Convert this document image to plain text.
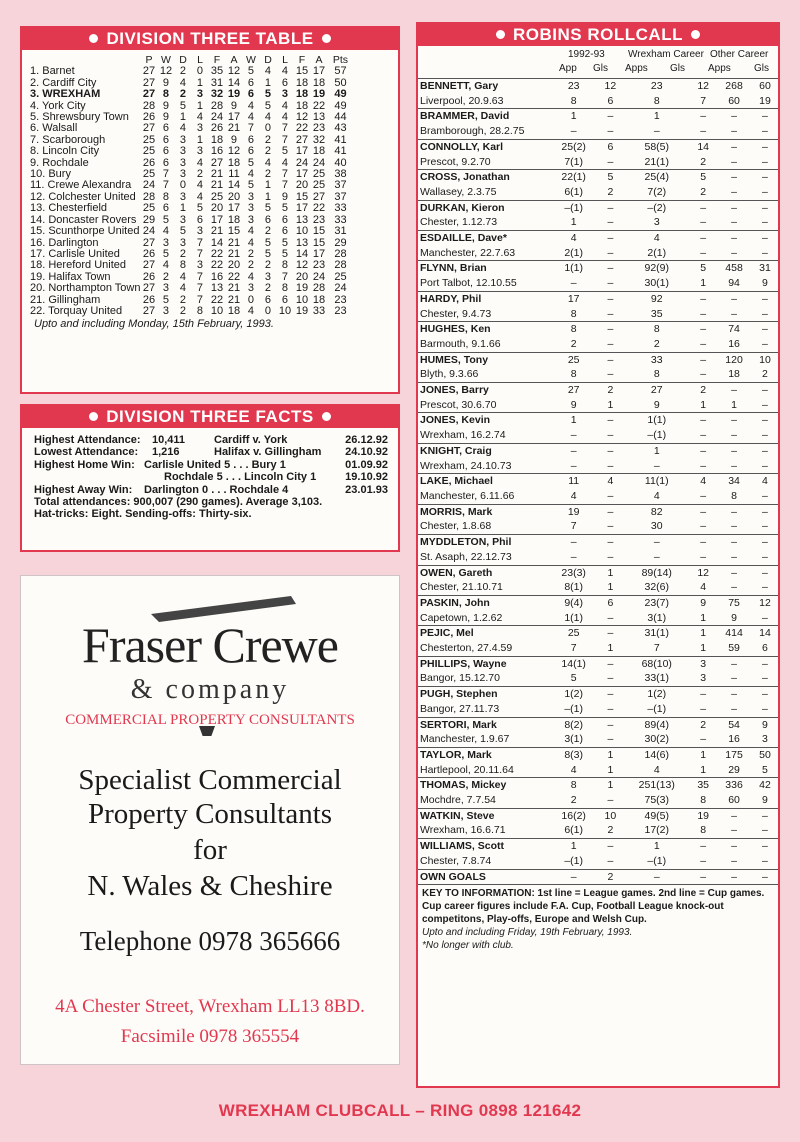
DIVISION THREE TABLE
	P	W	D	L	F	A	W	D	L	F	A	Pts
1. Barnet	27	12	2	0	35	12	5	4	4	15	17	57
2. Cardiff City	27	9	4	1	31	14	6	1	6	18	18	50
3. WREXHAM	27	8	2	3	32	19	6	5	3	18	19	49
4. York City	28	9	5	1	28	9	4	5	4	18	22	49
5. Shrewsbury Town	26	9	1	4	24	17	4	4	4	12	13	44
6. Walsall	27	6	4	3	26	21	7	0	7	22	23	43
7. Scarborough	25	6	3	1	18	9	6	2	7	27	32	41
8. Lincoln City	25	6	3	3	16	12	6	2	5	17	18	41
9. Rochdale	26	6	3	4	27	18	5	4	4	24	24	40
10. Bury	25	7	3	2	21	11	4	2	7	17	25	38
11. Crewe Alexandra	24	7	0	4	21	14	5	1	7	20	25	37
12. Colchester United	28	8	3	4	25	20	3	1	9	15	27	37
13. Chesterfield	25	6	1	5	20	17	3	5	5	17	22	33
14. Doncaster Rovers	29	5	3	6	17	18	3	6	6	13	23	33
15. Scunthorpe United	24	4	5	3	21	15	4	2	6	10	15	31
16. Darlington	27	3	3	7	14	21	4	5	5	13	15	29
17. Carlisle United	26	5	2	7	22	21	2	5	5	14	17	28
18. Hereford United	27	4	8	3	22	20	2	2	8	12	23	28
19. Halifax Town	26	2	4	7	16	22	4	3	7	20	24	25
20. Northampton Town	27	3	4	7	13	21	3	2	8	19	28	24
21. Gillingham	26	5	2	7	22	21	0	6	6	10	18	23
22. Torquay United	27	3	2	8	10	18	4	0	10	19	33	23
Upto and including Monday, 15th February, 1993.
DIVISION THREE FACTS
Highest Attendance: 10,411	Cardiff v. York	26.12.92
Lowest Attendance: 1,216	Halifax v. Gillingham 24.10.92
Highest Home Win: Carlisle United 5 . . . Bury 1	01.09.92
Rochdale 5 . . . Lincoln City 1	19.10.92
Highest Away Win: Darlington 0 . . . Rochdale 4	23.01.93
Total attendances: 900,007 (290 games). Average 3,103.
Hat-tricks: Eight. Sending-offs: Thirty-six.
Fraser Crewe
& company
COMMERCIAL PROPERTY CONSULTANTS
Specialist Commercial
Property Consultants
for
N. Wales & Cheshire
Telephone 0978 365666
4A Chester Street, Wrexham LL13 8BD.
Facsimile 0978 365554
ROBINS ROLLCALL
1992-93 Wrexham Career Other Career
App Gls Apps Gls Apps Gls
BENNETT, Gary	23	12	23	12	268	60
Liverpool, 20.9.63	8	6	8	7	60	19
BRAMMER, David	1	–	1	–	–	–
Bramborough, 28.2.75	–	–	–	–	–	–
CONNOLLY, Karl	25(2)	6	58(5)	14	–	–
Prescot, 9.2.70	7(1)	–	21(1)	2	–	–
CROSS, Jonathan	22(1)	5	25(4)	5	–	–
Wallasey, 2.3.75	6(1)	2	7(2)	2	–	–
DURKAN, Kieron	–(1)	–	–(2)	–	–	–
Chester, 1.12.73	1	–	3	–	–	–
ESDAILLE, Dave*	4	–	4	–	–	–
Manchester, 22.7.63	2(1)	–	2(1)	–	–	–
FLYNN, Brian	1(1)	–	92(9)	5	458	31
Port Talbot, 12.10.55	–	–	30(1)	1	94	9
HARDY, Phil	17	–	92	–	–	–
Chester, 9.4.73	8	–	35	–	–	–
HUGHES, Ken	8	–	8	–	74	–
Barmouth, 9.1.66	2	–	2	–	16	–
HUMES, Tony	25	–	33	–	120	10
Blyth, 9.3.66	8	–	8	–	18	2
JONES, Barry	27	2	27	2	–	–
Prescot, 30.6.70	9	1	9	1	1	–
JONES, Kevin	1	–	1(1)	–	–	–
Wrexham, 16.2.74	–	–	–(1)	–	–	–
KNIGHT, Craig	–	–	1	–	–	–
Wrexham, 24.10.73	–	–	–	–	–	–
LAKE, Michael	11	4	11(1)	4	34	4
Manchester, 6.11.66	4	–	4	–	8	–
MORRIS, Mark	19	–	82	–	–	–
Chester, 1.8.68	7	–	30	–	–	–
MYDDLETON, Phil	–	–	–	–	–	–
St. Asaph, 22.12.73	–	–	–	–	–	–
OWEN, Gareth	23(3)	1	89(14)	12	–	–
Chester, 21.10.71	8(1)	1	32(6)	4	–	–
PASKIN, John	9(4)	6	23(7)	9	75	12
Capetown, 1.2.62	1(1)	–	3(1)	1	9	–
PEJIC, Mel	25	–	31(1)	1	414	14
Chesterton, 27.4.59	7	1	7	1	59	6
PHILLIPS, Wayne	14(1)	–	68(10)	3	–	–
Bangor, 15.12.70	5	–	33(1)	3	–	–
PUGH, Stephen	1(2)	–	1(2)	–	–	–
Bangor, 27.11.73	–(1)	–	–(1)	–	–	–
SERTORI, Mark	8(2)	–	89(4)	2	54	9
Manchester, 1.9.67	3(1)	–	30(2)	–	16	3
TAYLOR, Mark	8(3)	1	14(6)	1	175	50
Hartlepool, 20.11.64	4	1	4	1	29	5
THOMAS, Mickey	8	1	251(13)	35	336	42
Mochdre, 7.7.54	2	–	75(3)	8	60	9
WATKIN, Steve	16(2)	10	49(5)	19	–	–
Wrexham, 16.6.71	6(1)	2	17(2)	8	–	–
WILLIAMS, Scott	1	–	1	–	–	–
Chester, 7.8.74	–(1)	–	–(1)	–	–	–
OWN GOALS	–	2	–	–	–	–
KEY TO INFORMATION: 1st line = League games. 2nd line = Cup games. Cup career figures include F.A. Cup, Football League knock-out competitons, Play-offs, Europe and Welsh Cup.
Upto and including Friday, 19th February, 1993.
*No longer with club.
WREXHAM CLUBCALL – RING 0898 121642
